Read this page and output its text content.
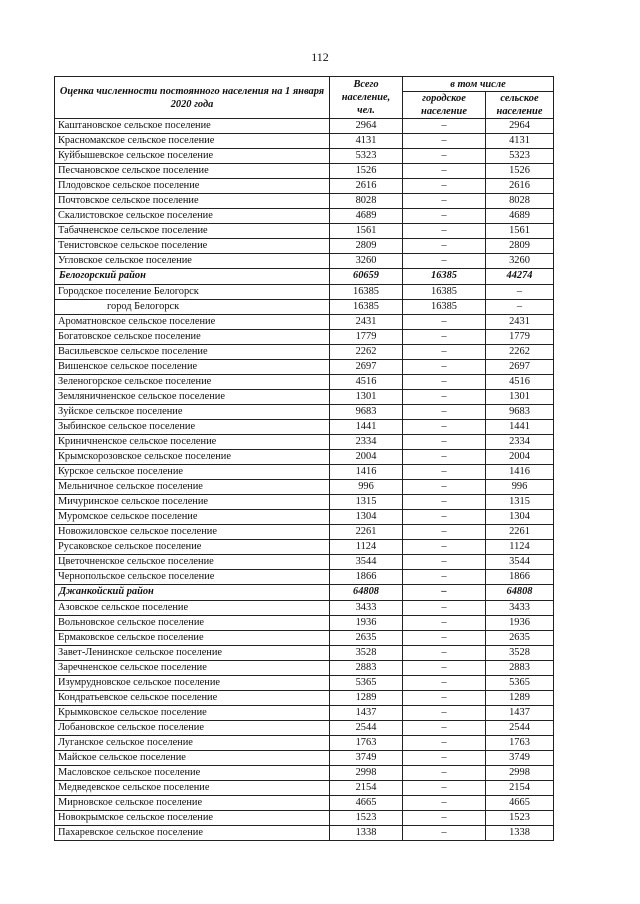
112
Оценка численности постоянного населения на 1 января 2020 года	Всего население, чел.	в том числе	
		городское население	сельское население
Каштановское сельское поселение	2964	–	2964
Красномакское сельское поселение	4131	–	4131
Куйбышевское сельское поселение	5323	–	5323
Песчановское сельское поселение	1526	–	1526
Плодовское сельское поселение	2616	–	2616
Почтовское сельское поселение	8028	–	8028
Скалистовское сельское поселение	4689	–	4689
Табачненское сельское поселение	1561	–	1561
Тенистовское сельское поселение	2809	–	2809
Угловское сельское поселение	3260	–	3260
Белогорский район	60659	16385	44274
Городское поселение Белогорск	16385	16385	–
город Белогорск	16385	16385	–
Ароматновское сельское поселение	2431	–	2431
Богатовское сельское поселение	1779	–	1779
Васильевское сельское поселение	2262	–	2262
Вишенское сельское поселение	2697	–	2697
Зеленогорское сельское поселение	4516	–	4516
Земляничненское сельское поселение	1301	–	1301
Зуйское сельское поселение	9683	–	9683
Зыбинское сельское поселение	1441	–	1441
Криничненское сельское поселение	2334	–	2334
Крымскорозовское сельское поселение	2004	–	2004
Курское сельское поселение	1416	–	1416
Мельничное сельское поселение	996	–	996
Мичуринское сельское поселение	1315	–	1315
Муромское сельское поселение	1304	–	1304
Новожиловское сельское поселение	2261	–	2261
Русаковское сельское поселение	1124	–	1124
Цветочненское сельское поселение	3544	–	3544
Чернопольское сельское поселение	1866	–	1866
Джанкойский район	64808	–	64808
Азовское сельское поселение	3433	–	3433
Вольновское сельское поселение	1936	–	1936
Ермаковское сельское поселение	2635	–	2635
Завет-Ленинское сельское поселение	3528	–	3528
Заречненское сельское поселение	2883	–	2883
Изумрудновское сельское поселение	5365	–	5365
Кондратьевское сельское поселение	1289	–	1289
Крымковское сельское поселение	1437	–	1437
Лобановское сельское поселение	2544	–	2544
Луганское сельское поселение	1763	–	1763
Майское сельское поселение	3749	–	3749
Масловское сельское поселение	2998	–	2998
Медведевское сельское поселение	2154	–	2154
Мирновское сельское поселение	4665	–	4665
Новокрымское сельское поселение	1523	–	1523
Пахаревское сельское поселение	1338	–	1338
